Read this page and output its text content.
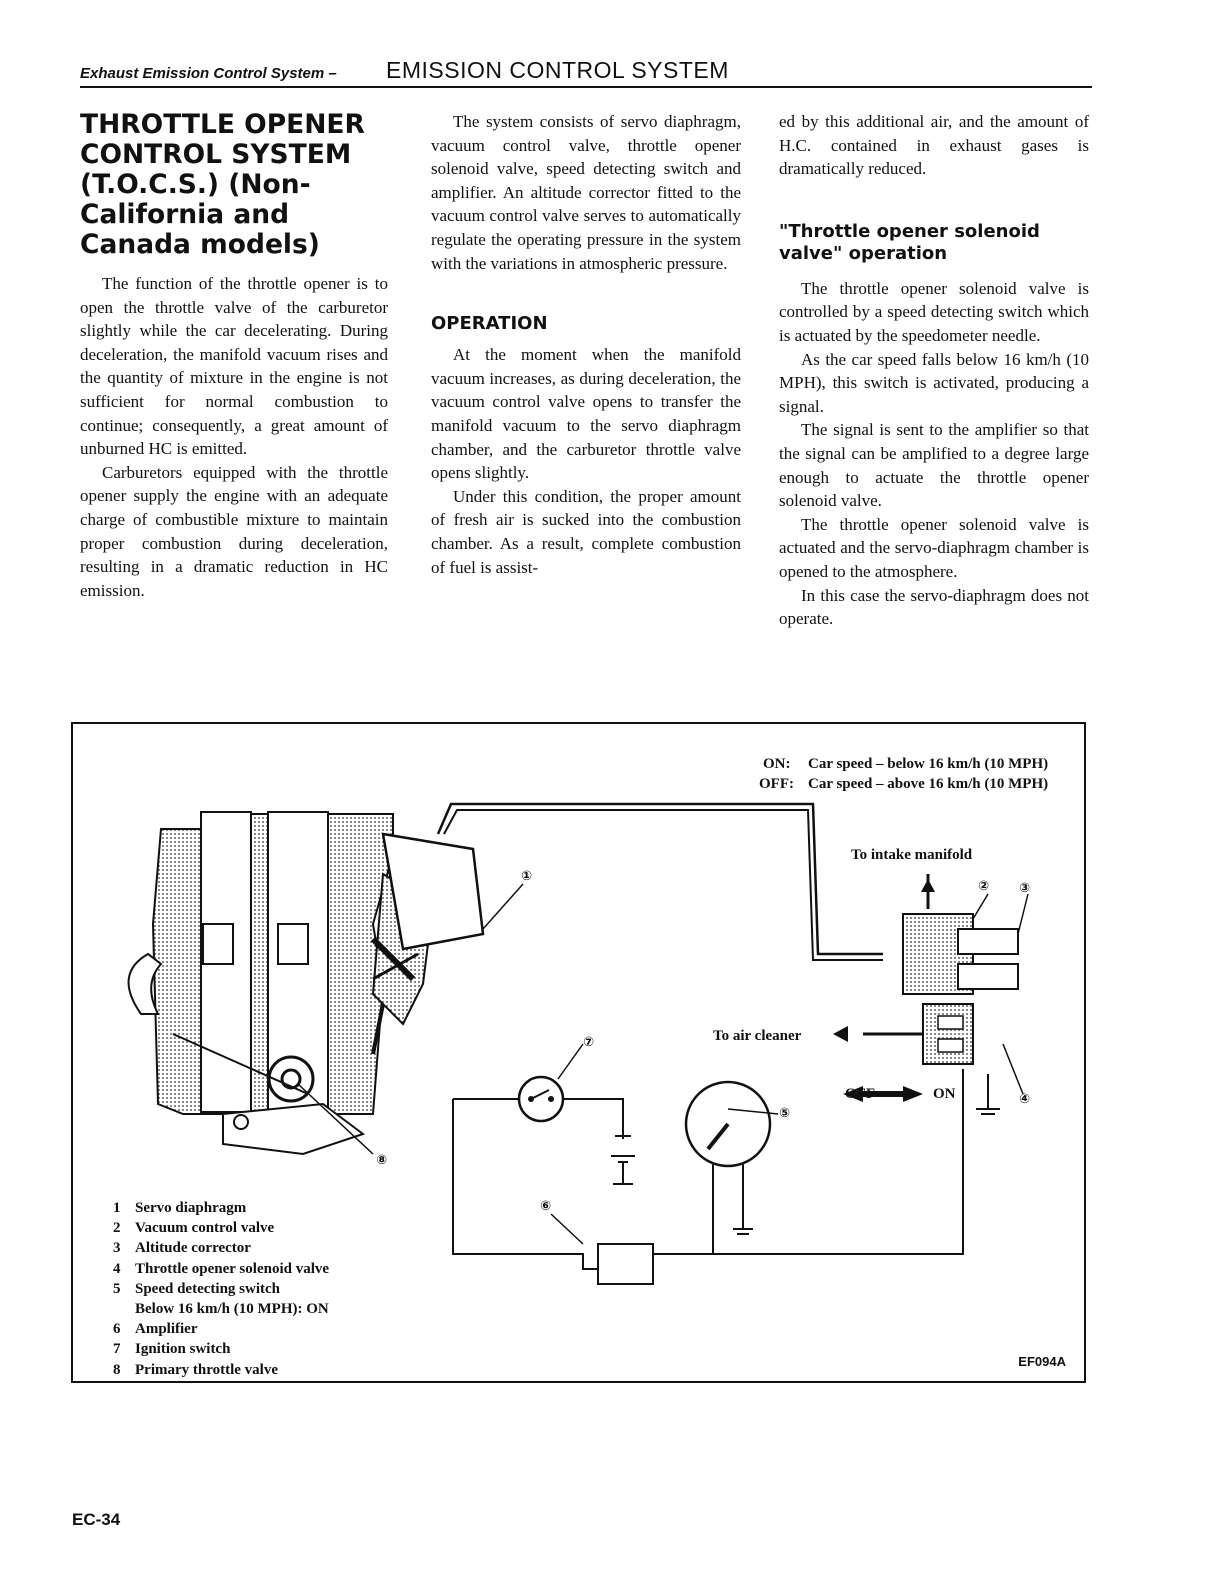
Exhaust Emission Control System – EMISSION CONTROL SYSTEM
THROTTLE OPENER CONTROL SYSTEM (T.O.C.S.) (Non-California and Canada models)

The function of the throttle opener is to open the throttle valve of the carburetor slightly while the car decelerating. During deceleration, the manifold vacuum rises and the quantity of mixture in the engine is not sufficient for normal combustion to continue; consequently, a great amount of unburned HC is emitted.

Carburetors equipped with the throttle opener supply the engine with an adequate charge of combustible mixture to maintain proper combustion during deceleration, resulting in a dramatic reduction in HC emission.

The system consists of servo diaphragm, vacuum control valve, throttle opener solenoid valve, speed detecting switch and amplifier. An altitude corrector fitted to the vacuum control valve serves to automatically regulate the operating pressure in the system with the variations in atmospheric pressure.

OPERATION

At the moment when the manifold vacuum increases, as during deceleration, the vacuum control valve opens to transfer the manifold vacuum to the servo diaphragm chamber, and the carburetor throttle valve opens slightly.

Under this condition, the proper amount of fresh air is sucked into the combustion chamber. As a result, complete combustion of fuel is assist-

ed by this additional air, and the amount of H.C. contained in exhaust gases is dramatically reduced.

"Throttle opener solenoid valve" operation

The throttle opener solenoid valve is controlled by a speed detecting switch which is actuated by the speedometer needle.

As the car speed falls below 16 km/h (10 MPH), this switch is activated, producing a signal.

The signal is sent to the amplifier so that the signal can be amplified to a degree large enough to actuate the throttle opener solenoid valve.

The throttle opener solenoid valve is actuated and the servo-diaphragm chamber is opened to the atmosphere.

In this case the servo-diaphragm does not operate.

ON: Car speed – below 16 km/h (10 MPH)
OFF: Car speed – above 16 km/h (10 MPH)
To intake manifold
To air cleaner
OFF	ON
①
② ③
④
⑤
⑥
⑦
⑧
1 Servo diaphragm
2 Vacuum control valve
3 Altitude corrector
4 Throttle opener solenoid valve
5 Speed detecting switch
Below 16 km/h (10 MPH): ON
6 Amplifier
7 Ignition switch
8 Primary throttle valve
EF094A
EC-34
